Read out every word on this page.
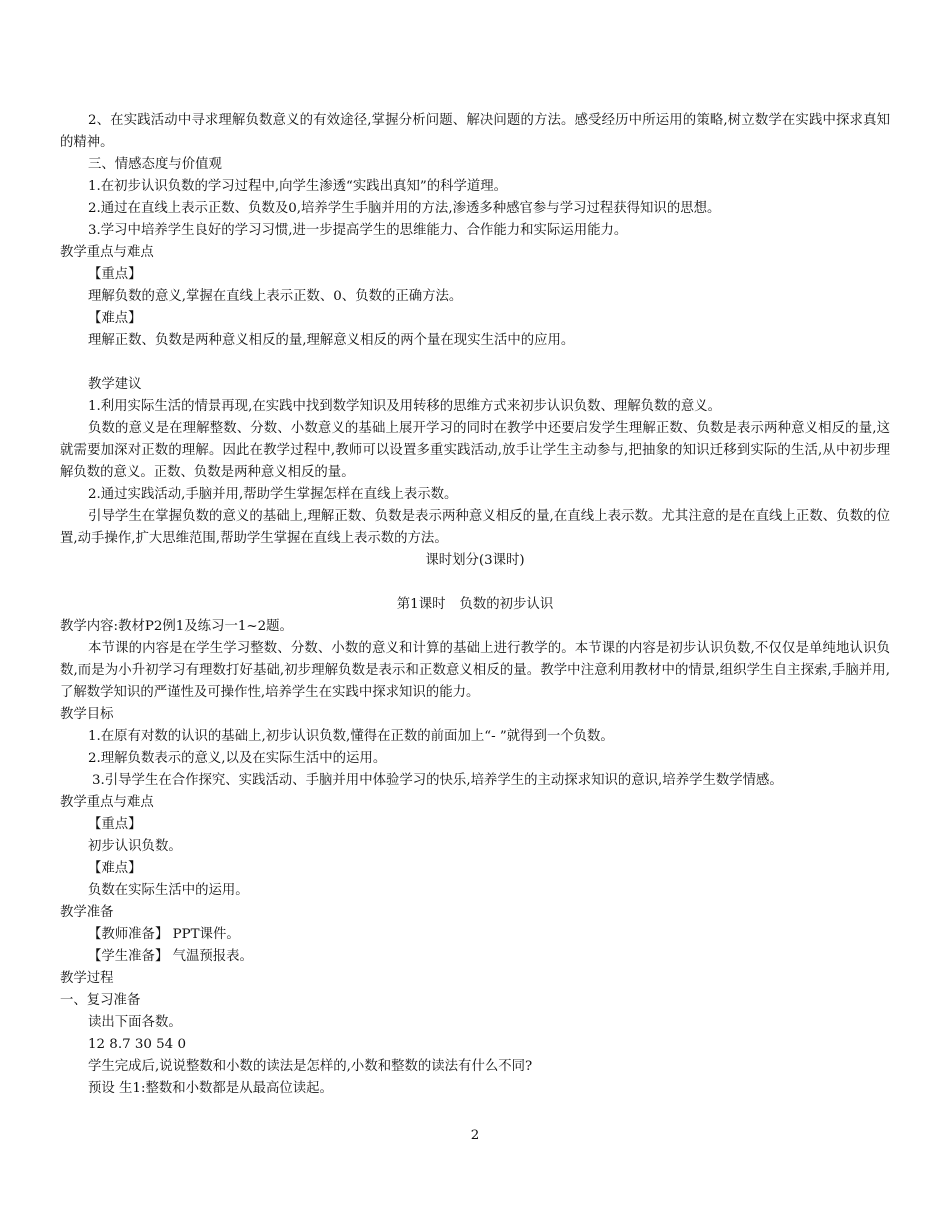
2、在实践活动中寻求理解负数意义的有效途径,掌握分析问题、解决问题的方法。感受经历中所运用的策略,树立数学在实践中探求真知的精神。

三、情感态度与价值观

1.在初步认识负数的学习过程中,向学生渗透“实践出真知”的科学道理。

2.通过在直线上表示正数、负数及0,培养学生手脑并用的方法,渗透多种感官参与学习过程获得知识的思想。

3.学习中培养学生良好的学习习惯,进一步提高学生的思维能力、合作能力和实际运用能力。

教学重点与难点

【重点】

理解负数的意义,掌握在直线上表示正数、0、负数的正确方法。

【难点】

理解正数、负数是两种意义相反的量,理解意义相反的两个量在现实生活中的应用。

教学建议

1.利用实际生活的情景再现,在实践中找到数学知识及用转移的思维方式来初步认识负数、理解负数的意义。

负数的意义是在理解整数、分数、小数意义的基础上展开学习的同时在教学中还要启发学生理解正数、负数是表示两种意义相反的量,这就需要加深对正数的理解。因此在教学过程中,教师可以设置多重实践活动,放手让学生主动参与,把抽象的知识迁移到实际的生活,从中初步理解负数的意义。正数、负数是两种意义相反的量。

2.通过实践活动,手脑并用,帮助学生掌握怎样在直线上表示数。

引导学生在掌握负数的意义的基础上,理解正数、负数是表示两种意义相反的量,在直线上表示数。尤其注意的是在直线上正数、负数的位置,动手操作,扩大思维范围,帮助学生掌握在直线上表示数的方法。

课时划分(3课时)

第1课时 负数的初步认识

教学内容:教材P2例1及练习一1~2题。

本节课的内容是在学生学习整数、分数、小数的意义和计算的基础上进行教学的。本节课的内容是初步认识负数,不仅仅是单纯地认识负数,而是为小升初学习有理数打好基础,初步理解负数是表示和正数意义相反的量。教学中注意利用教材中的情景,组织学生自主探索,手脑并用,了解数学知识的严谨性及可操作性,培养学生在实践中探求知识的能力。

教学目标

1.在原有对数的认识的基础上,初步认识负数,懂得在正数的前面加上“- ”就得到一个负数。

2.理解负数表示的意义,以及在实际生活中的运用。

3.引导学生在合作探究、实践活动、手脑并用中体验学习的快乐,培养学生的主动探求知识的意识,培养学生数学情感。

教学重点与难点

【重点】

初步认识负数。

【难点】

负数在实际生活中的运用。

教学准备

【教师准备】 PPT课件。

【学生准备】 气温预报表。

教学过程

一、复习准备

读出下面各数。

12 8.7 30 54 0

学生完成后,说说整数和小数的读法是怎样的,小数和整数的读法有什么不同?

预设 生1:整数和小数都是从最高位读起。

2
